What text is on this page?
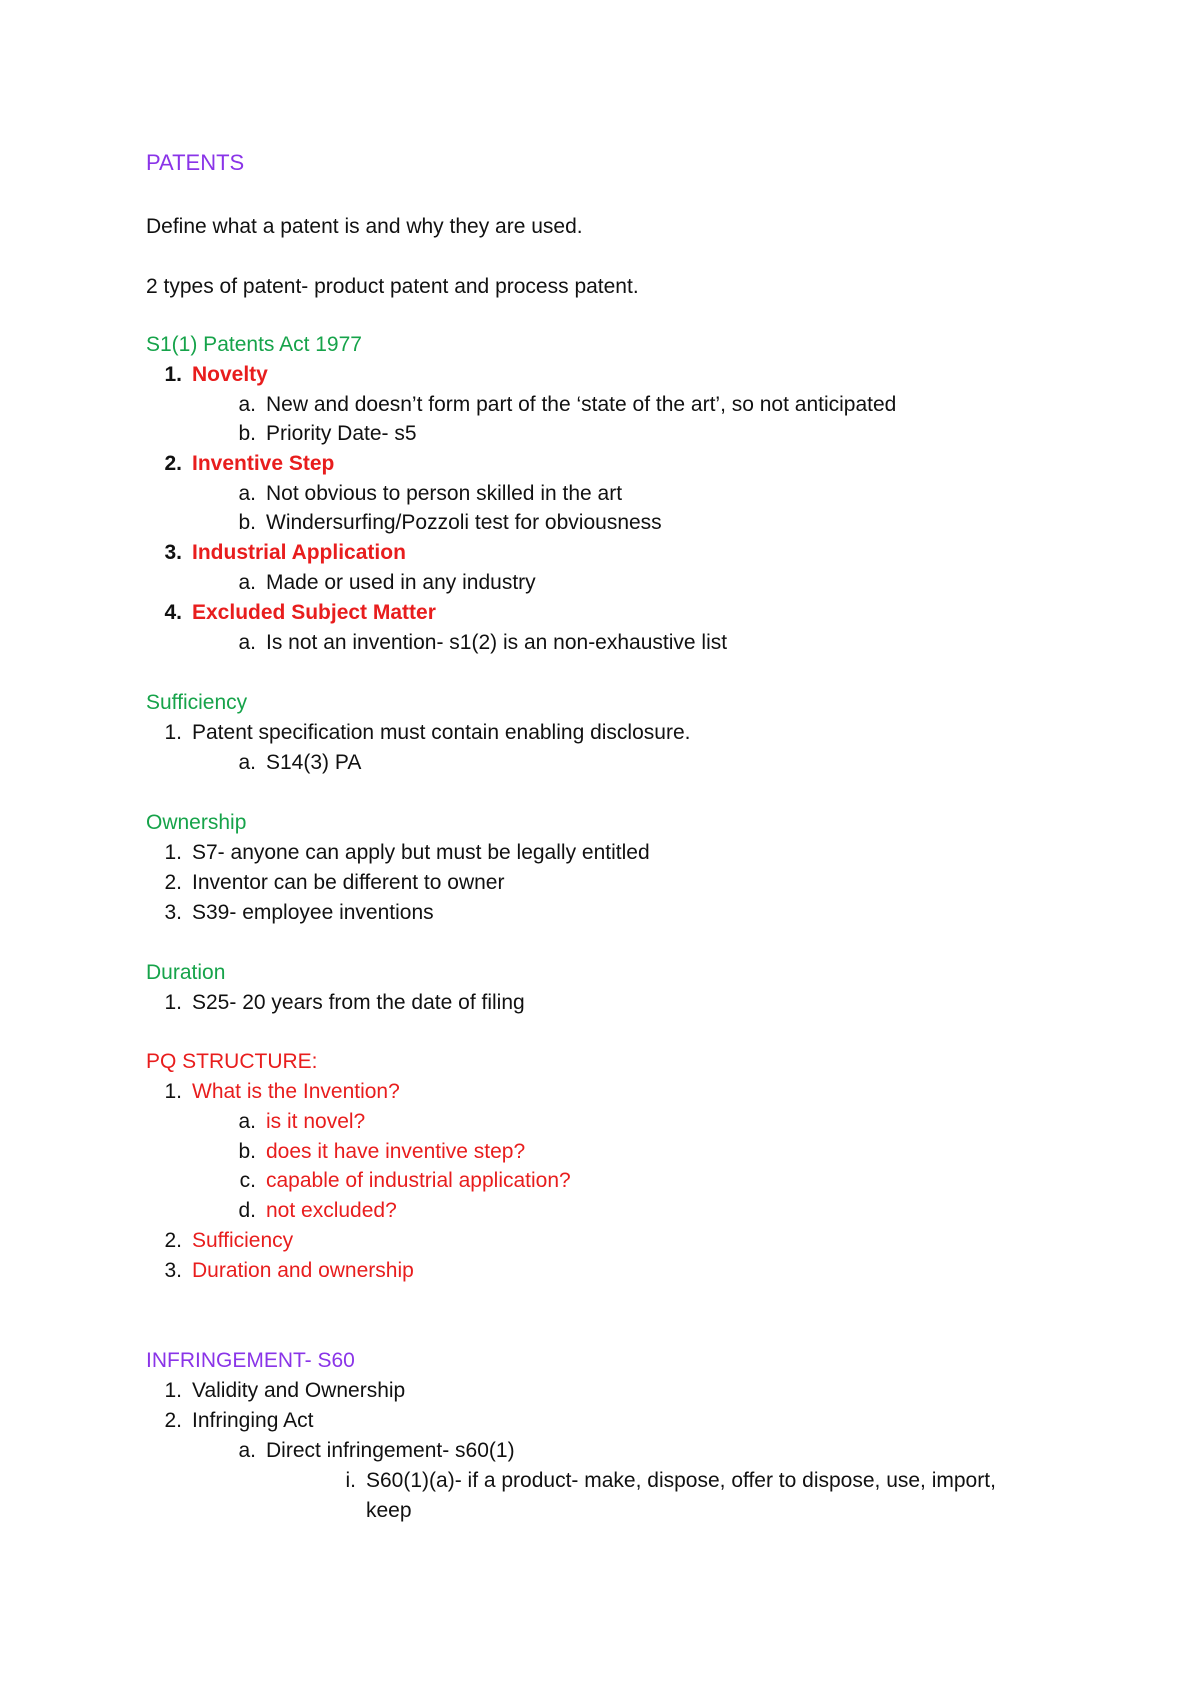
PATENTS
Define what a patent is and why they are used.
2 types of patent- product patent and process patent.
S1(1) Patents Act 1977
1. Novelty
a. New and doesn’t form part of the ‘state of the art’, so not anticipated
b. Priority Date- s5
2. Inventive Step
a. Not obvious to person skilled in the art
b. Windersurfing/Pozzoli test for obviousness
3. Industrial Application
a. Made or used in any industry
4. Excluded Subject Matter
a. Is not an invention- s1(2) is an non-exhaustive list
Sufficiency
1. Patent specification must contain enabling disclosure.
a. S14(3) PA
Ownership
1. S7- anyone can apply but must be legally entitled
2. Inventor can be different to owner
3. S39- employee inventions
Duration
1. S25- 20 years from the date of filing
PQ STRUCTURE:
1. What is the Invention?
a. is it novel?
b. does it have inventive step?
c. capable of industrial application?
d. not excluded?
2. Sufficiency
3. Duration and ownership
INFRINGEMENT- S60
1. Validity and Ownership
2. Infringing Act
a. Direct infringement- s60(1)
i. S60(1)(a)- if a product- make, dispose, offer to dispose, use, import,
keep
